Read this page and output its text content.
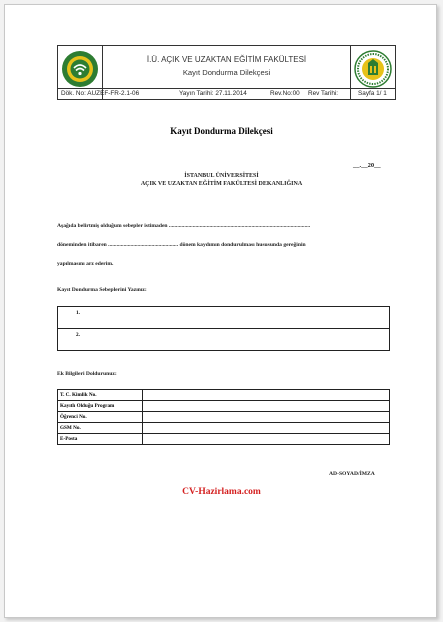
İ.Ü. AÇIK VE UZAKTAN EĞİTİM FAKÜLTESİ
Kayıt Dondurma Dilekçesi
Dök. No: AUZEF-FR-2.1-06	Yayın Tarihi: 27.11.2014	Rev.No:00 Rev Tarihi:	Sayfa 1/ 1
Kayıt Dondurma Dilekçesi
__.__20__
İSTANBUL ÜNİVERSİTESİ
AÇIK VE UZAKTAN EĞİTİM FAKÜLTESİ DEKANLIĞINA
Aşağıda belirtmiş olduğum sebepler istimaden .....................................................................................................
döneminden itibaren .................................................. dönem kaydımın dondurulması hususunda gereğinin
yapılmasını arz ederim.
Kayıt Dondurma Sebeplerini Yazınız:
1.
2.
Ek Bilgileri Doldurunuz:
T. C. Kimlik No.	
Kayıtlı Olduğu Program	
Öğrenci No.	
GSM No.	
E-Posta	
AD-SOYAD/İMZA
CV-Hazirlama.com
